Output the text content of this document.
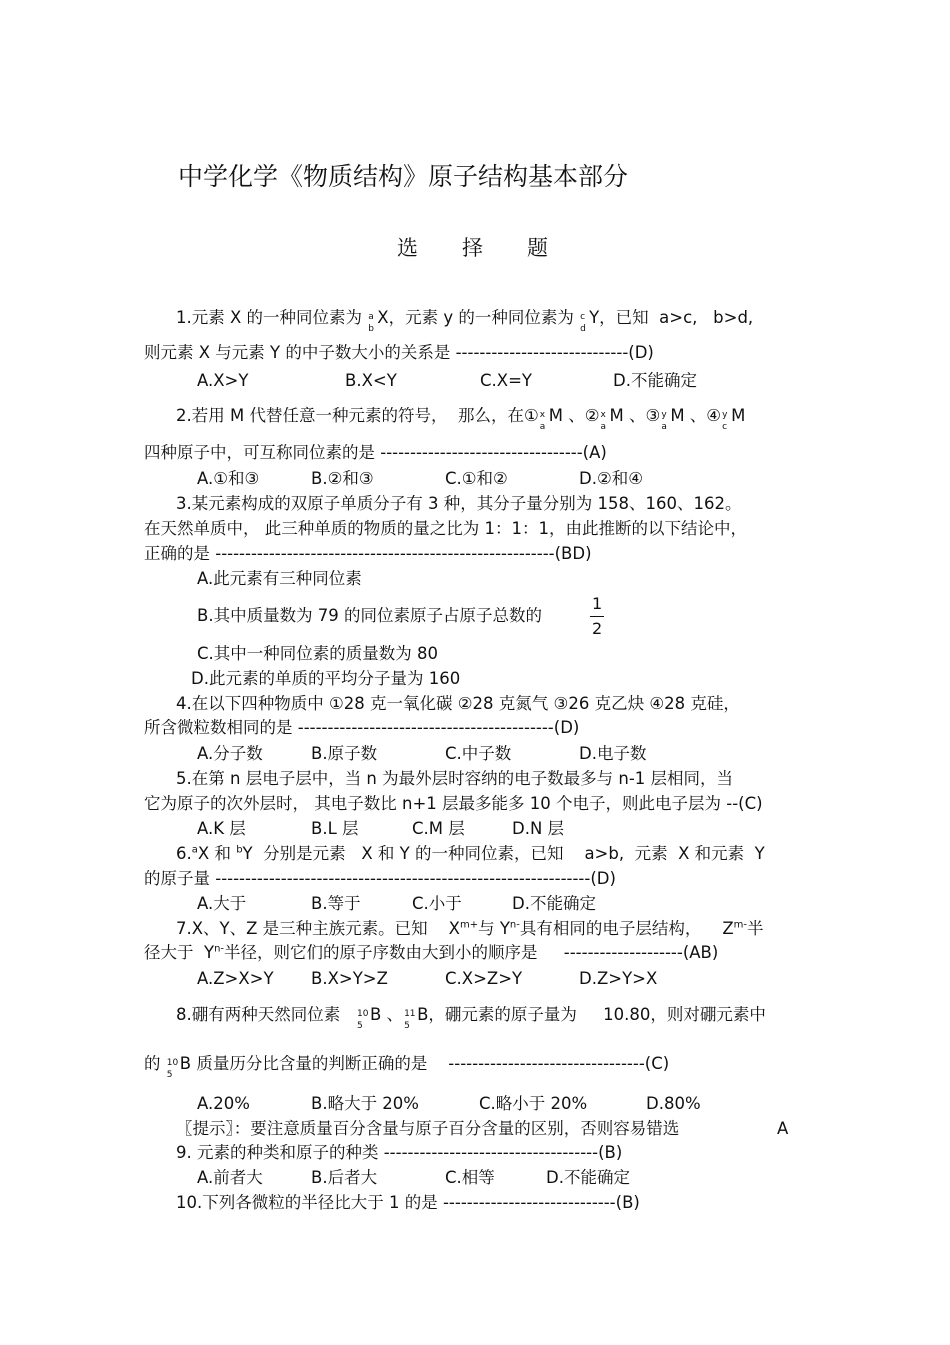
中学化学《物质结构》原子结构基本部分
选 择 题
1.元素 X 的一种同位素为 a
b
X，元素 y 的一种同位素为 c
d
Y，已知  a>c,   b>d,
则元素 X 与元素 Y 的中子数大小的关系是 -----------------------------(D)
A.X>Y	B.X<Y	C.X=Y	D.不能确定
2.若用 M 代替任意一种元素的符号，  那么，在① x
a
M 、② x
a
M 、③ y
a
M 、④ y
c
M
四种原子中，可互称同位素的是 ----------------------------------(A)
A.①和③	B.②和③	C.①和②	D.②和④
3.某元素构成的双原子单质分子有 3 种，其分子量分别为 158、160、162。
在天然单质中， 此三种单质的物质的量之比为 1：1：1，由此推断的以下结论中，
正确的是 ---------------------------------------------------------(BD)
A.此元素有三种同位素
B.其中质量数为 79 的同位素原子占原子总数的
1
2
C.其中一种同位素的质量数为 80
D.此元素的单质的平均分子量为 160
4.在以下四种物质中 ①28 克一氧化碳 ②28 克氮气 ③26 克乙炔 ④28 克硅，
所含微粒数相同的是 -------------------------------------------(D)
A.分子数	B.原子数	C.中子数	D.电子数
5.在第 n 层电子层中，当 n 为最外层时容纳的电子数最多与 n-1 层相同，当
它为原子的次外层时， 其电子数比 n+1 层最多能多 10 个电子，则此电子层为 --(C)
A.K 层	B.L 层	C.M 层	D.N 层
6.$^a$X 和 $^b$Y  分别是元素   X 和 Y 的一种同位素，已知    a>b,  元素  X 和元素  Y
的原子量 ---------------------------------------------------------------(D)
A.大于	B.等于	C.小于	D.不能确定
7.X、Y、Z 是三种主族元素。已知    $X^{m+}$与 $Y^{n-}$具有相同的电子层结构，    $Z^{m-}$半
径大于  $Y^{n-}$半径，则它们的原子序数由大到小的顺序是     --------------------(AB)
A.Z>X>Y B.X>Y>Z	C.X>Z>Y	D.Z>Y>X
8.硼有两种天然同位素 10
5
B 、 11
5
B，硼元素的原子量为     10.80，则对硼元素中
的 10
5
B 质量历分比含量的判断正确的是    ---------------------------------(C)
A.20%	B.略大于 20%	C.略小于 20%	D.80%
〖提示〗：要注意质量百分含量与原子百分含量的区别，否则容易错选	A
9. 元素的种类和原子的种类 ------------------------------------(B)
A.前者大	B.后者大	C.相等	D.不能确定
10.下列各微粒的半径比大于 1 的是 -----------------------------(B)
